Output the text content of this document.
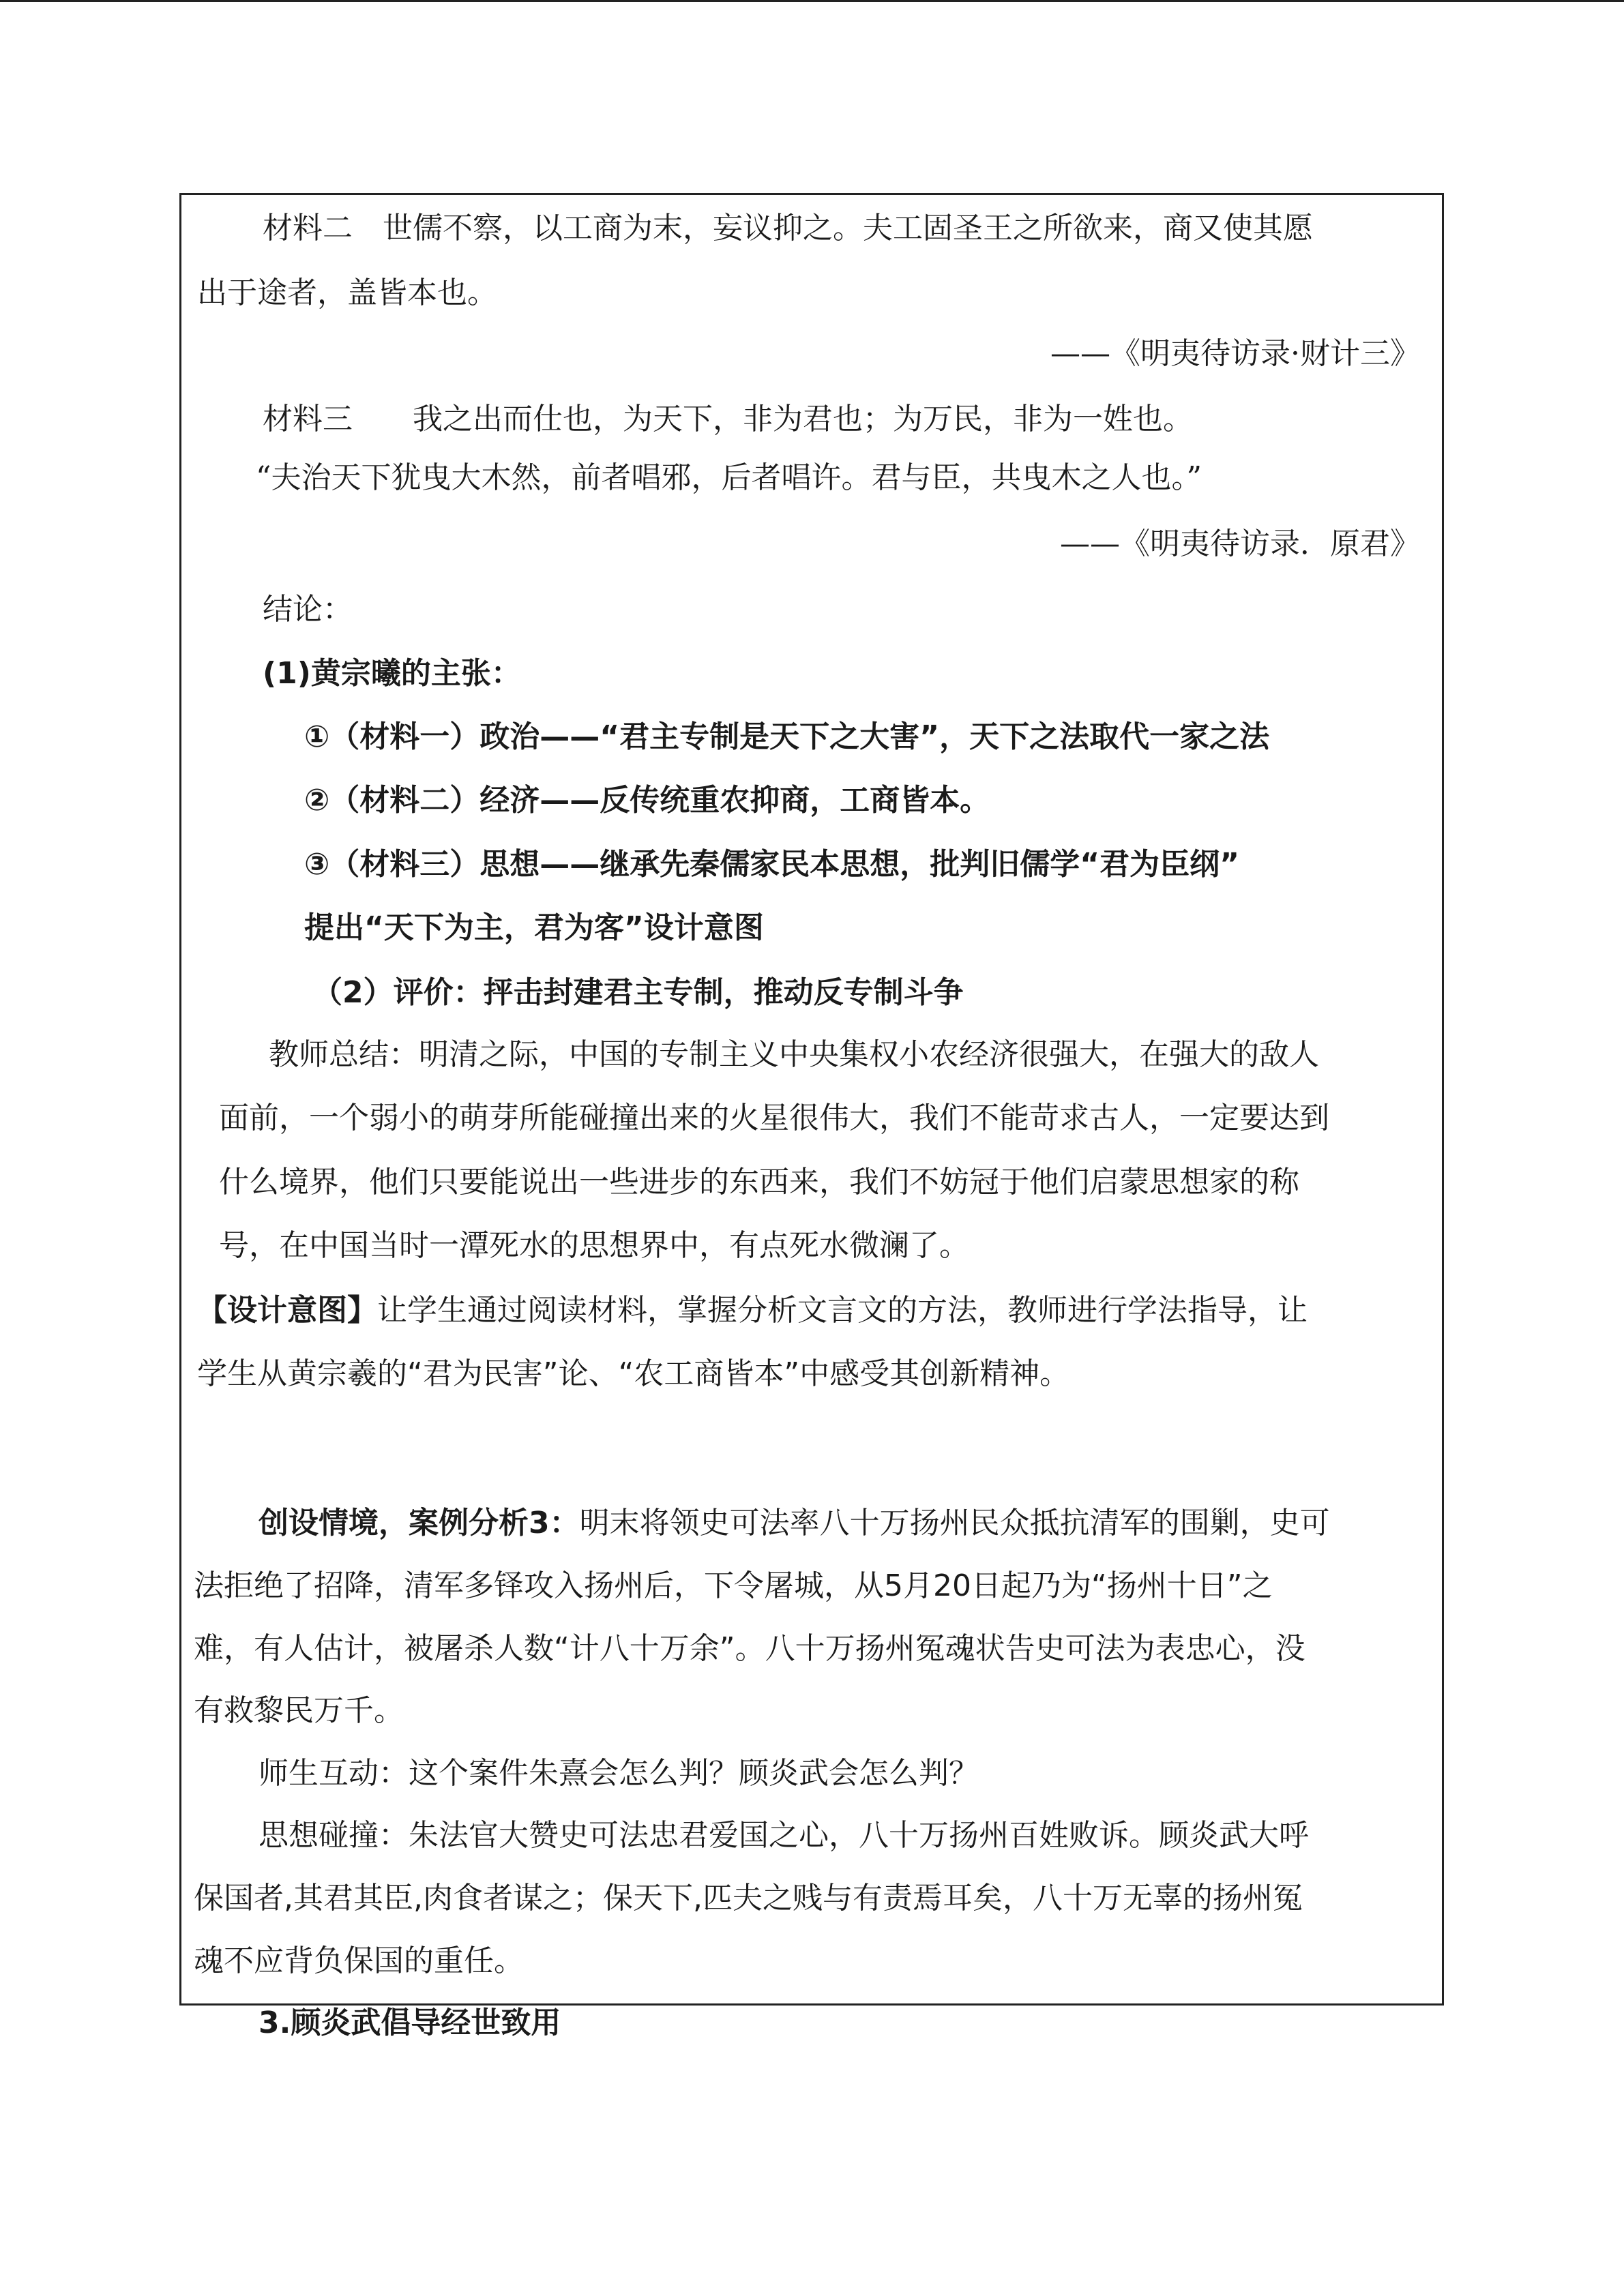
材料二　世儒不察，以工商为末，妄议抑之。夫工固圣王之所欲来，商又使其愿
出于途者，盖皆本也。
——《明夷待访录·财计三》
材料三　　我之出而仕也，为天下，非为君也；为万民，非为一姓也。
“夫治天下犹曳大木然，前者唱邪，后者唱许。君与臣，共曳木之人也。”
——《明夷待访录．原君》
结论：
(1)黄宗曦的主张：
①（材料一）政治——“君主专制是天下之大害”，天下之法取代一家之法
②（材料二）经济——反传统重农抑商，工商皆本。
③（材料三）思想——继承先秦儒家民本思想，批判旧儒学“君为臣纲”
提出“天下为主，君为客”设计意图
（2）评价：抨击封建君主专制，推动反专制斗争
教师总结：明清之际，中国的专制主义中央集权小农经济很强大，在强大的敌人
面前，一个弱小的萌芽所能碰撞出来的火星很伟大，我们不能苛求古人，一定要达到
什么境界，他们只要能说出一些进步的东西来，我们不妨冠于他们启蒙思想家的称
号，在中国当时一潭死水的思想界中，有点死水微澜了。
【设计意图】让学生通过阅读材料，掌握分析文言文的方法，教师进行学法指导，让
学生从黄宗羲的“君为民害”论、“农工商皆本”中感受其创新精神。
创设情境，案例分析3：明末将领史可法率八十万扬州民众抵抗清军的围剿，史可
法拒绝了招降，清军多铎攻入扬州后，下令屠城，从5月20日起乃为“扬州十日”之
难，有人估计，被屠杀人数“计八十万余”。八十万扬州冤魂状告史可法为表忠心，没
有救黎民万千。
师生互动：这个案件朱熹会怎么判？顾炎武会怎么判？
思想碰撞：朱法官大赞史可法忠君爱国之心，八十万扬州百姓败诉。顾炎武大呼
保国者,其君其臣,肉食者谋之；保天下,匹夫之贱与有责焉耳矣，八十万无辜的扬州冤
魂不应背负保国的重任。
3.顾炎武倡导经世致用
